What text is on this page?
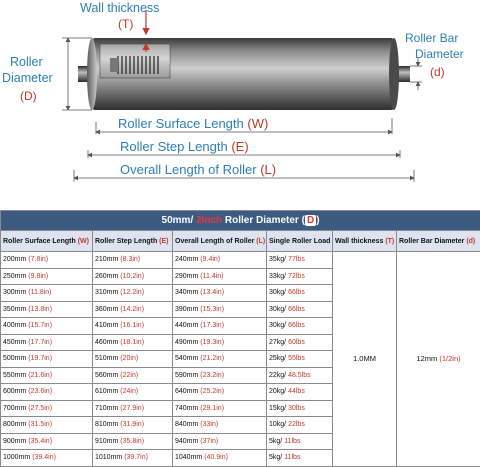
Wall thickness
(T)
Roller
Diameter
(D)
Roller Bar
Diameter
(d)
Roller Surface Length (W)
Roller Step Length (E)
Overall Length of Roller (L)
50mm/ 2Inch Roller Diameter ( D )					
Roller Surface Length (W)	Roller Step Length (E)	Overall Length of Roller (L)	Single Roller Load	Wall thickness (T)	Roller Bar Diameter (d)
200mm (7.8in)	210mm (8.3in)	240mm (9.4in)	35kg/ 77lbs	1.0MM	12mm (1/2in)
250mm (9.8in)	260mm (10.2in)	290mm (11.4in)	33kg/ 72lbs		
300mm (11.8in)	310mm (12.2in)	340mm (13.4in)	30kg/ 66lbs		
350mm (13.8in)	360mm (14.2in)	390mm (15.3in)	30kg/ 66lbs		
400mm (15.7in)	410mm (16.1in)	440mm (17.3in)	30kg/ 66lbs		
450mm (17.7in)	460mm (18.1in)	490mm (19.3in)	27kg/ 60lbs		
500mm (19.7in)	510mm (20in)	540mm (21.2in)	25kg/ 55lbs		
550mm (21.6in)	560mm (22in)	590mm (23.2in)	22kg/ 48.5lbs		
600mm (23.6in)	610mm (24in)	640mm (25.2in)	20kg/ 44lbs		
700mm (27.5in)	710mm (27.9in)	740mm (29.1in)	15kg/ 30lbs		
800mm (31.5in)	810mm (31.9in)	840mm (33in)	10kg/ 22lbs		
900mm (35.4in)	910mm (35.8in)	940mm (37in)	5kg/ 11lbs		
1000mm (39.4in)	1010mm (39.7in)	1040mm (40.9in)	5kg/ 11lbs		
